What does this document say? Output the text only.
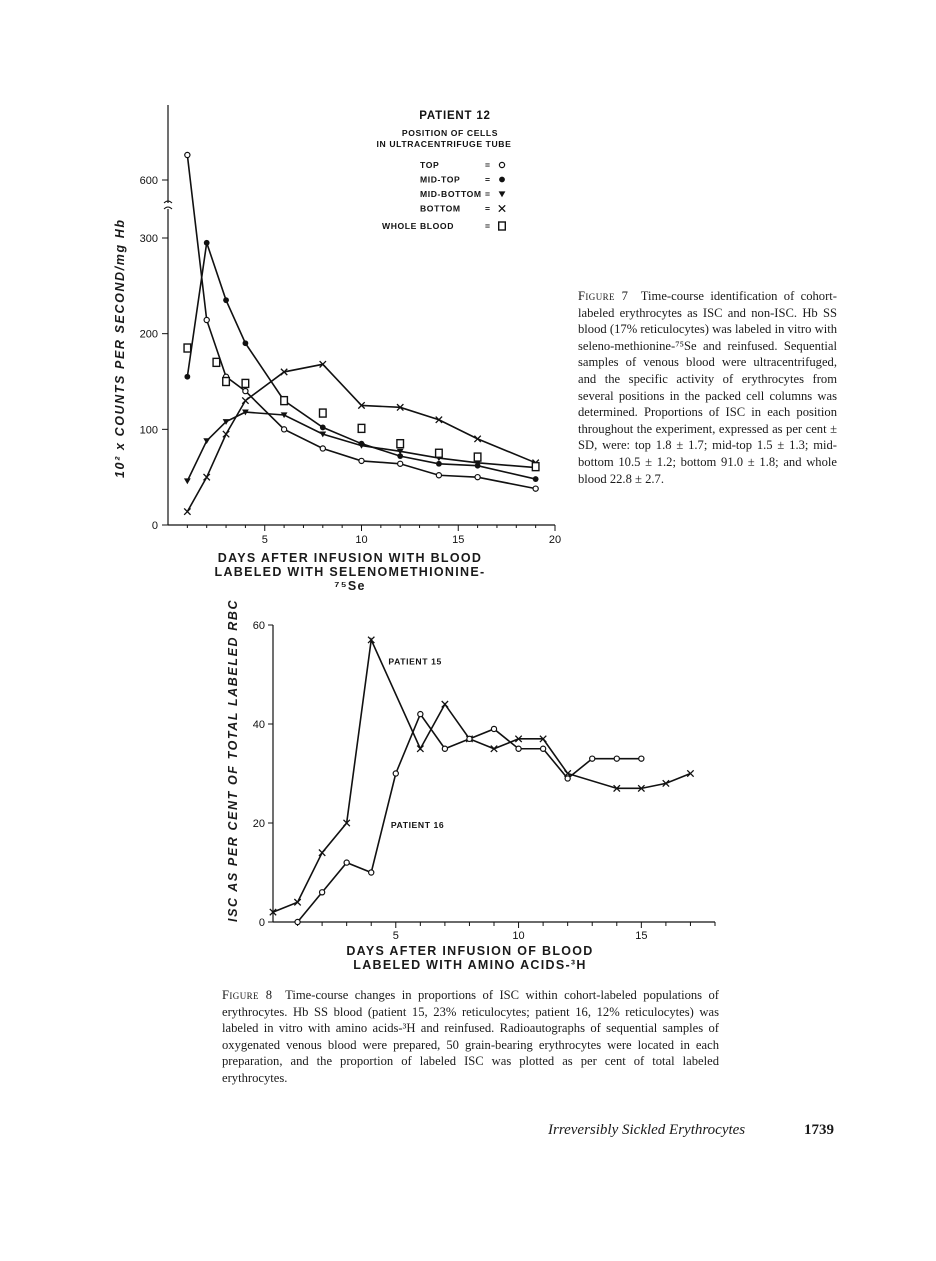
10² x COUNTS PER SECOND/mg Hb
5	10	15	20
0
100
200
300
600
PATIENT 12
POSITION OF CELLS
IN ULTRACENTRIFUGE TUBE
TOP	=
MID-TOP	=
MID-BOTTOM =
BOTTOM	=
WHOLE BLOOD	=
DAYS AFTER INFUSION WITH BLOOD
LABELED WITH SELENOMETHIONINE-⁷⁵Se
Figure 7 Time-course identification of cohort-labeled erythrocytes as ISC and non-ISC. Hb SS blood (17% reticulocytes) was labeled in vitro with seleno-methionine-⁷⁵Se and reinfused. Sequential samples of venous blood were ultracentrifuged, and the specific activity of erythrocytes from several positions in the packed cell columns was determined. Proportions of ISC in each position throughout the experiment, expressed as per cent ± SD, were: top 1.8 ± 1.7; mid-top 1.5 ± 1.3; mid-bottom 10.5 ± 1.2; bottom 91.0 ± 1.8; and whole blood 22.8 ± 2.7.
ISC AS PER CENT OF TOTAL LABELED RBC
5	10	15
0
20
40
60
PATIENT 15
PATIENT 16
DAYS AFTER INFUSION OF BLOOD
LABELED WITH AMINO ACIDS-³H
Figure 8 Time-course changes in proportions of ISC within cohort-labeled populations of erythrocytes. Hb SS blood (patient 15, 23% reticulocytes; patient 16, 12% reticulocytes) was labeled in vitro with amino acids-³H and reinfused. Radioautographs of sequential samples of oxygenated venous blood were prepared, 50 grain-bearing erythrocytes were located in each preparation, and the proportion of labeled ISC was plotted as per cent of total labeled erythrocytes.
Irreversibly Sickled Erythrocytes	1739
